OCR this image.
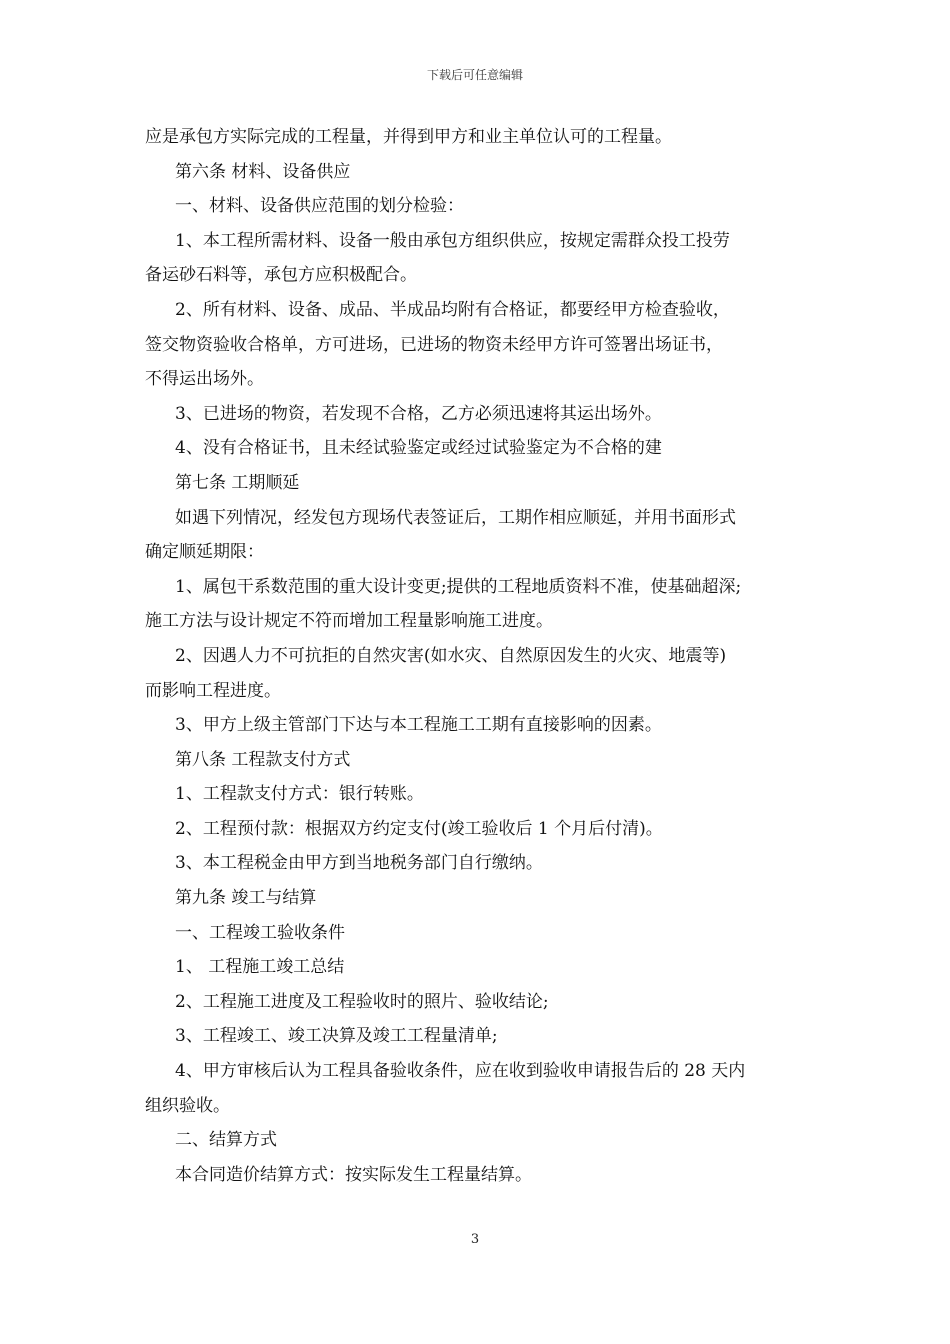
下载后可任意编辑
应是承包方实际完成的工程量，并得到甲方和业主单位认可的工程量。
第六条 材料、设备供应
一、材料、设备供应范围的划分检验：
1、本工程所需材料、设备一般由承包方组织供应，按规定需群众投工投劳
备运砂石料等，承包方应积极配合。
2、所有材料、设备、成品、半成品均附有合格证，都要经甲方检查验收，
签交物资验收合格单，方可进场，已进场的物资未经甲方许可签署出场证书，
不得运出场外。
3、已进场的物资，若发现不合格，乙方必须迅速将其运出场外。
4、没有合格证书，且未经试验鉴定或经过试验鉴定为不合格的建
第七条 工期顺延
如遇下列情况，经发包方现场代表签证后，工期作相应顺延，并用书面形式
确定顺延期限：
1、属包干系数范围的重大设计变更;提供的工程地质资料不准，使基础超深;
施工方法与设计规定不符而增加工程量影响施工进度。
2、因遇人力不可抗拒的自然灾害(如水灾、自然原因发生的火灾、地震等)
而影响工程进度。
3、甲方上级主管部门下达与本工程施工工期有直接影响的因素。
第八条 工程款支付方式
1、工程款支付方式：银行转账。
2、工程预付款：根据双方约定支付(竣工验收后 1 个月后付清)。
3、本工程税金由甲方到当地税务部门自行缴纳。
第九条 竣工与结算
一、工程竣工验收条件
1、 工程施工竣工总结
2、工程施工进度及工程验收时的照片、验收结论;
3、工程竣工、竣工决算及竣工工程量清单;
4、甲方审核后认为工程具备验收条件，应在收到验收申请报告后的 28 天内
组织验收。
二、结算方式
本合同造价结算方式：按实际发生工程量结算。
3
